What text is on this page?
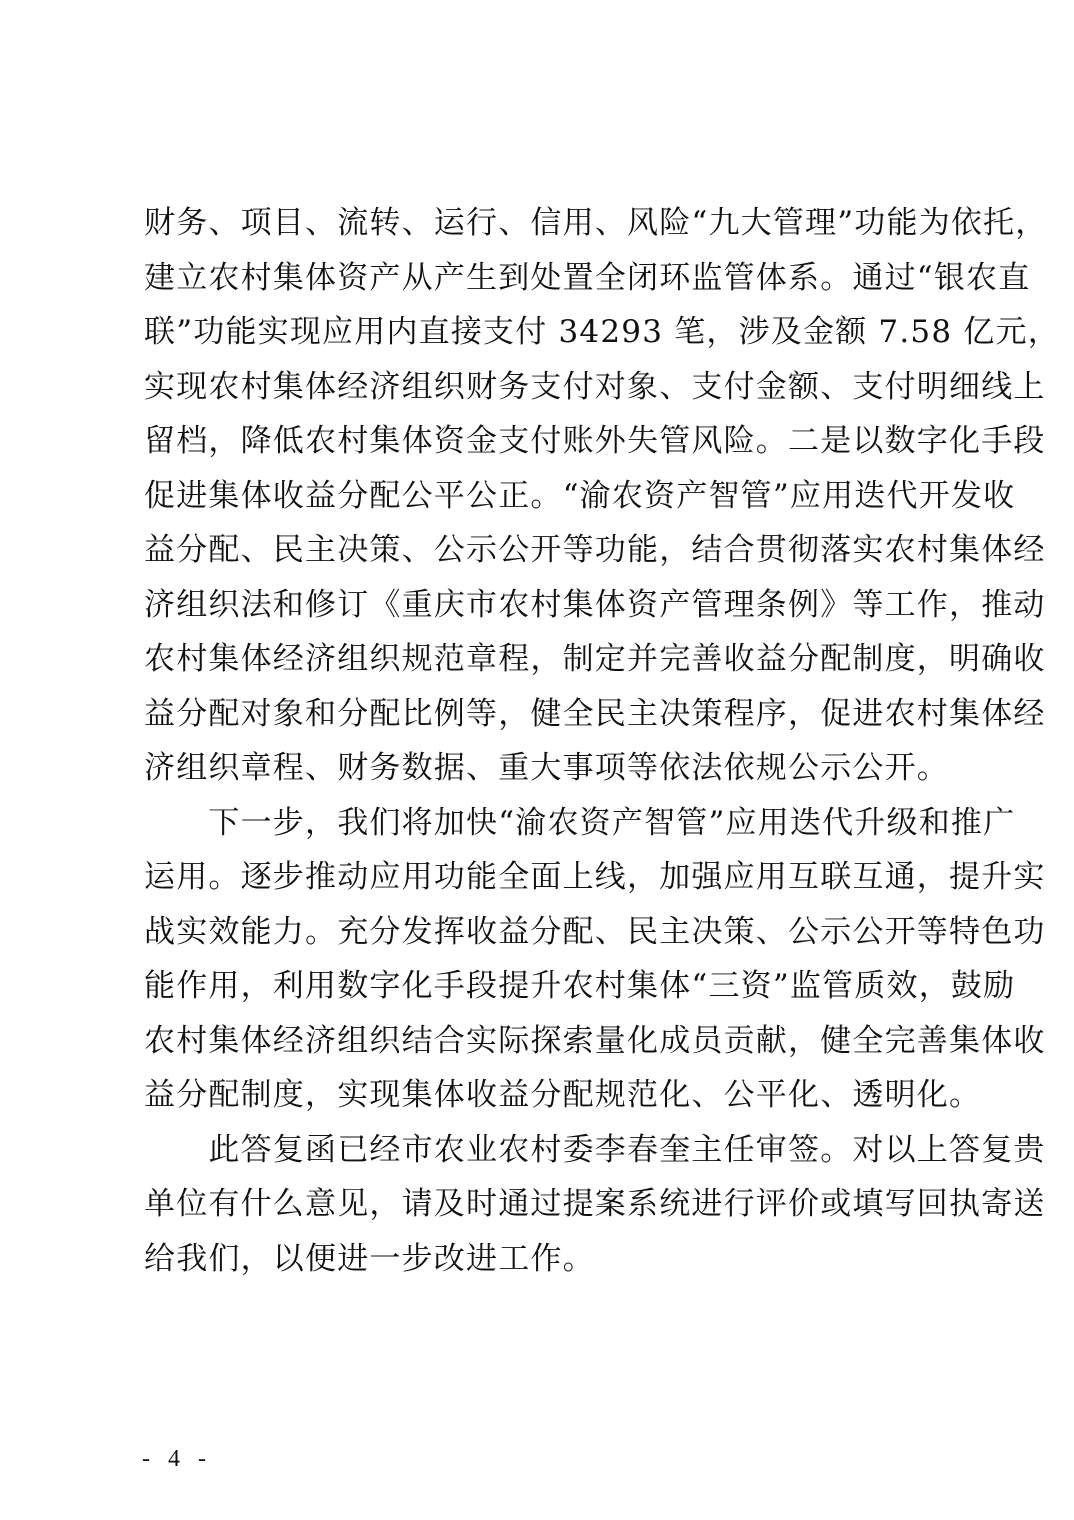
财务、项目、流转、运行、信用、风险“九大管理”功能为依托，
建立农村集体资产从产生到处置全闭环监管体系。通过“银农直
联”功能实现应用内直接支付 34293 笔，涉及金额 7.58 亿元，
实现农村集体经济组织财务支付对象、支付金额、支付明细线上
留档，降低农村集体资金支付账外失管风险。二是以数字化手段
促进集体收益分配公平公正。“渝农资产智管”应用迭代开发收
益分配、民主决策、公示公开等功能，结合贯彻落实农村集体经
济组织法和修订《重庆市农村集体资产管理条例》等工作，推动
农村集体经济组织规范章程，制定并完善收益分配制度，明确收
益分配对象和分配比例等，健全民主决策程序，促进农村集体经
济组织章程、财务数据、重大事项等依法依规公示公开。
　　下一步，我们将加快“渝农资产智管”应用迭代升级和推广
运用。逐步推动应用功能全面上线，加强应用互联互通，提升实
战实效能力。充分发挥收益分配、民主决策、公示公开等特色功
能作用，利用数字化手段提升农村集体“三资”监管质效，鼓励
农村集体经济组织结合实际探索量化成员贡献，健全完善集体收
益分配制度，实现集体收益分配规范化、公平化、透明化。
　　此答复函已经市农业农村委李春奎主任审签。对以上答复贵
单位有什么意见，请及时通过提案系统进行评价或填写回执寄送
给我们，以便进一步改进工作。
- 4 -
